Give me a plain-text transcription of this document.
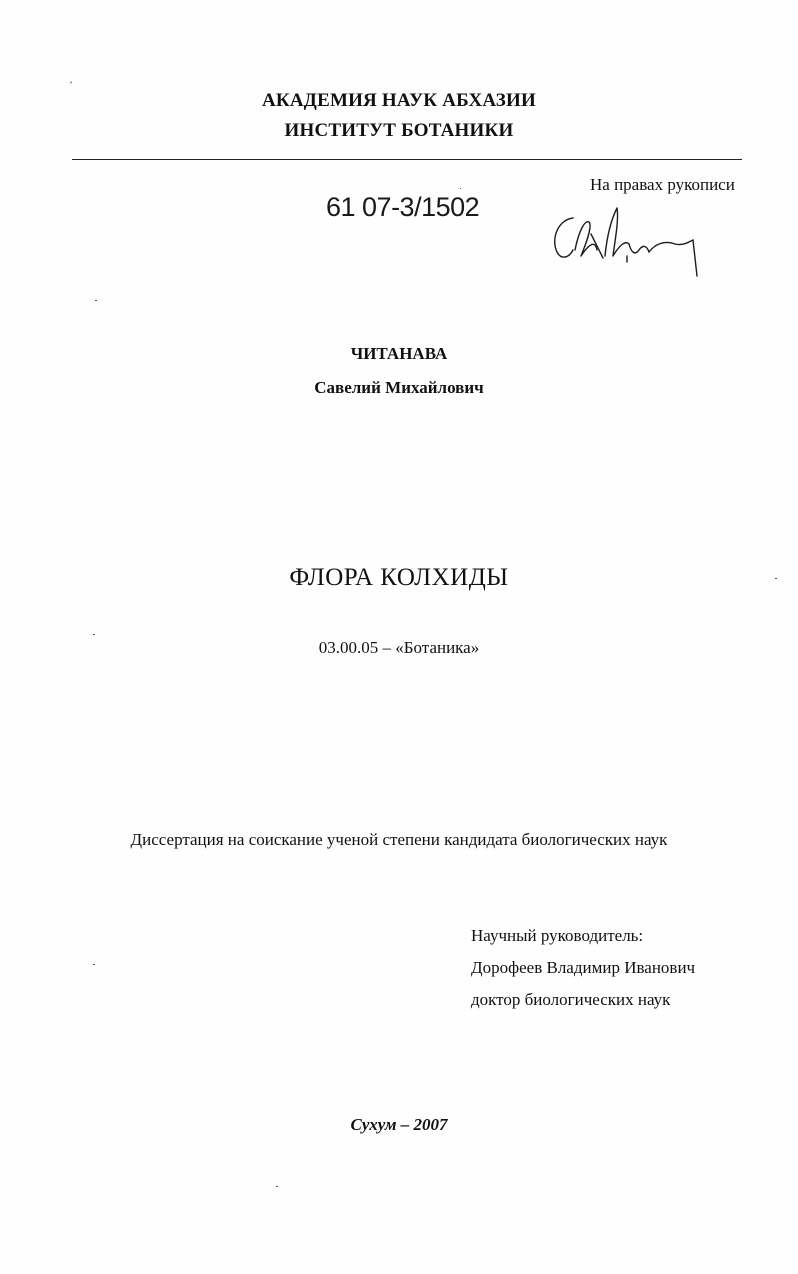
АКАДЕМИЯ НАУК АБХАЗИИ
ИНСТИТУТ БОТАНИКИ
На правах рукописи
61 07-3/1502
ЧИТАНАВА
Савелий Михайлович
ФЛОРА КОЛХИДЫ
03.00.05 – «Ботаника»
Диссертация на соискание ученой степени кандидата биологических наук
Научный руководитель:
Дорофеев Владимир Иванович
доктор биологических наук
Сухум – 2007
